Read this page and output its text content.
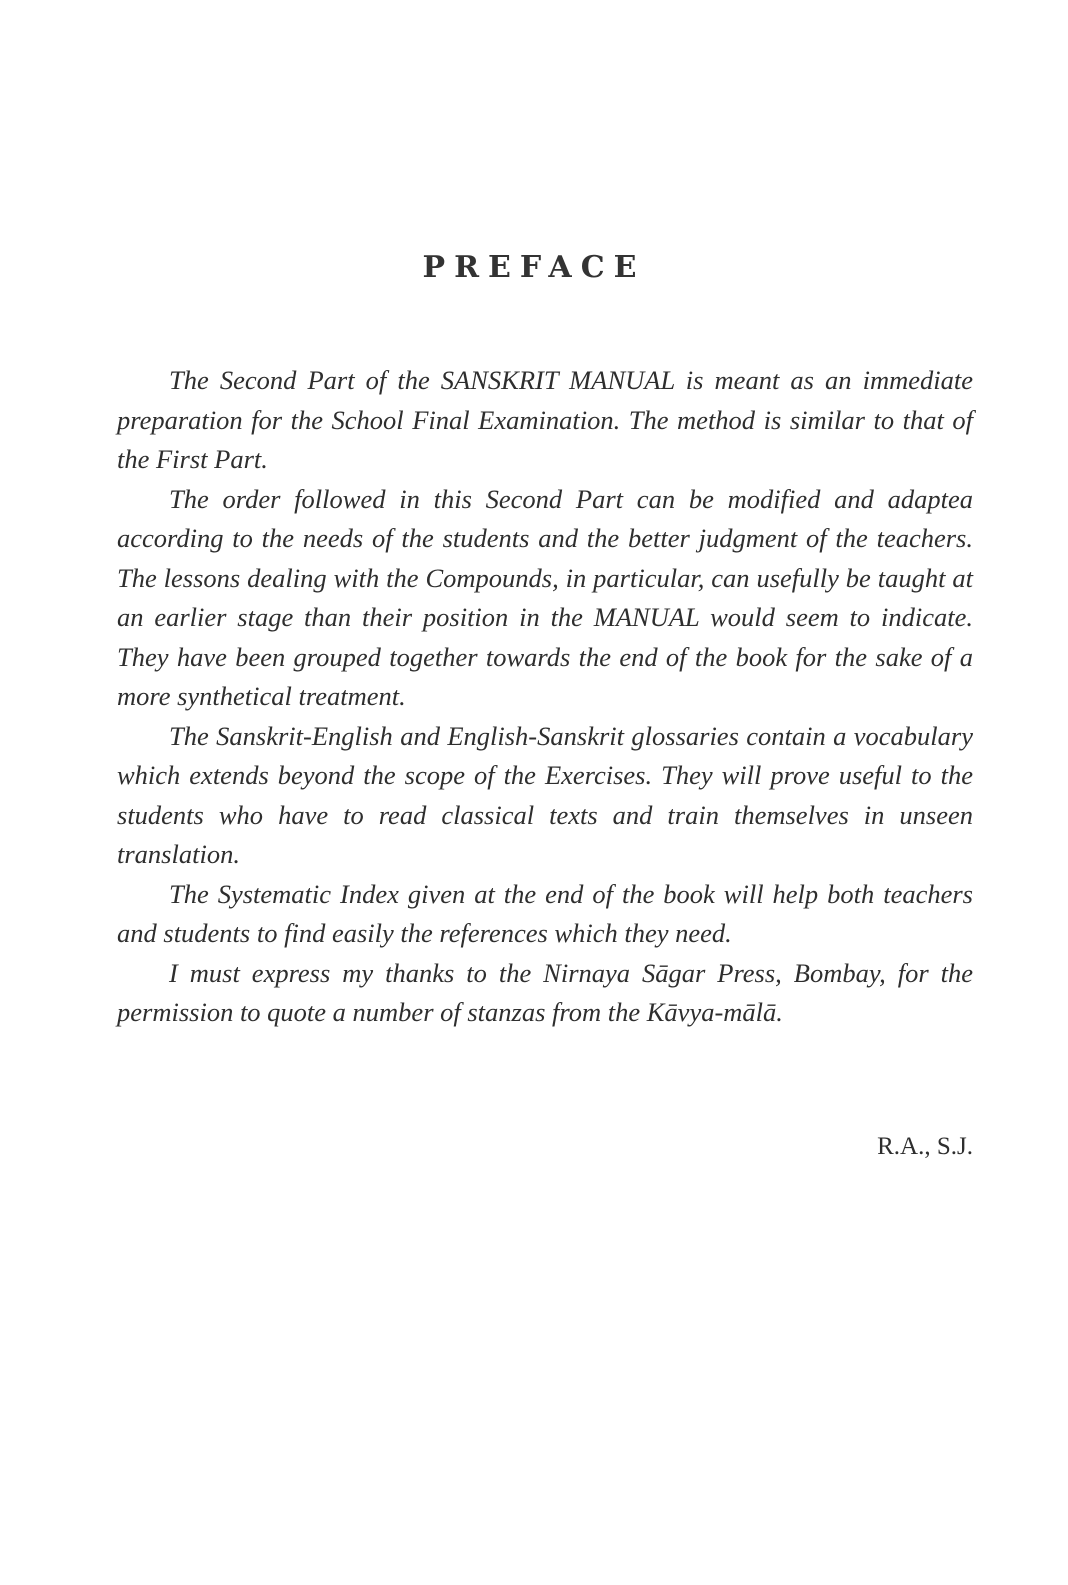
PREFACE

The Second Part of the SANSKRIT MANUAL is meant as an immediate preparation for the School Final Examination. The method is similar to that of the First Part.

The order followed in this Second Part can be modified and adaptea according to the needs of the students and the better judgment of the teachers. The lessons dealing with the Compounds, in particular, can usefully be taught at an earlier stage than their position in the MANUAL would seem to indicate. They have been grouped together towards the end of the book for the sake of a more synthetical treatment.

The Sanskrit-English and English-Sanskrit glossaries contain a vocabulary which extends beyond the scope of the Exercises. They will prove useful to the students who have to read classical texts and train themselves in unseen translation.

The Systematic Index given at the end of the book will help both teachers and students to find easily the references which they need.

I must express my thanks to the Nirnaya Sāgar Press, Bombay, for the permission to quote a number of stanzas from the Kāvya-mālā.

R.A., S.J.
